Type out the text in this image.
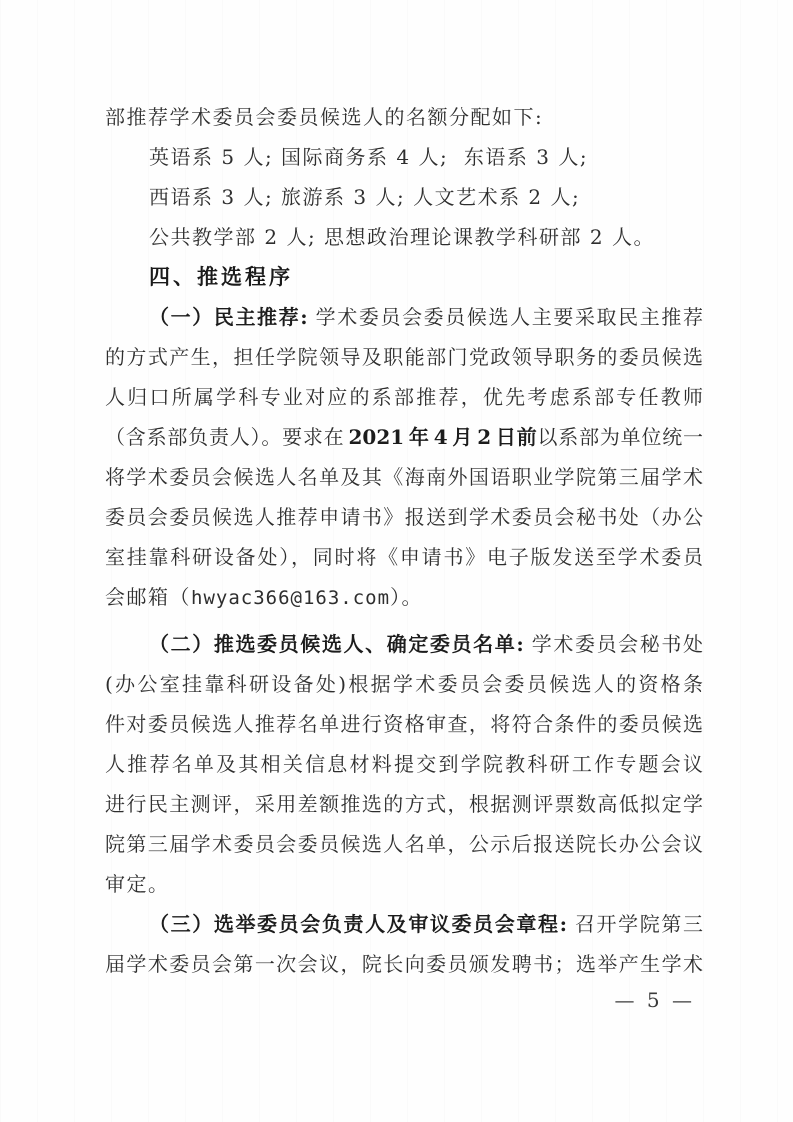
部推荐学术委员会委员候选人的名额分配如下:
英语系 5 人; 国际商务系 4 人;  东语系 3 人;
西语系 3 人; 旅游系 3 人; 人文艺术系 2 人;
公共教学部 2 人; 思想政治理论课教学科研部 2 人。
四、推选程序
（一）民主推荐: 学术委员会委员候选人主要采取民主推荐
的方式产生，担任学院领导及职能部门党政领导职务的委员候选
人归口所属学科专业对应的系部推荐，优先考虑系部专任教师
（含系部负责人）。要求在 2021 年 4 月 2 日前以系部为单位统一
将学术委员会候选人名单及其《海南外国语职业学院第三届学术
委员会委员候选人推荐申请书》报送到学术委员会秘书处（办公
室挂靠科研设备处），同时将《申请书》电子版发送至学术委员
会邮箱（hwyac366@163.com）。
（二）推选委员候选人、确定委员名单: 学术委员会秘书处
(办公室挂靠科研设备处)根据学术委员会委员候选人的资格条
件对委员候选人推荐名单进行资格审查，将符合条件的委员候选
人推荐名单及其相关信息材料提交到学院教科研工作专题会议
进行民主测评，采用差额推选的方式，根据测评票数高低拟定学
院第三届学术委员会委员候选人名单，公示后报送院长办公会议
审定。
（三）选举委员会负责人及审议委员会章程: 召开学院第三
届学术委员会第一次会议，院长向委员颁发聘书；选举产生学术
— 5 —
